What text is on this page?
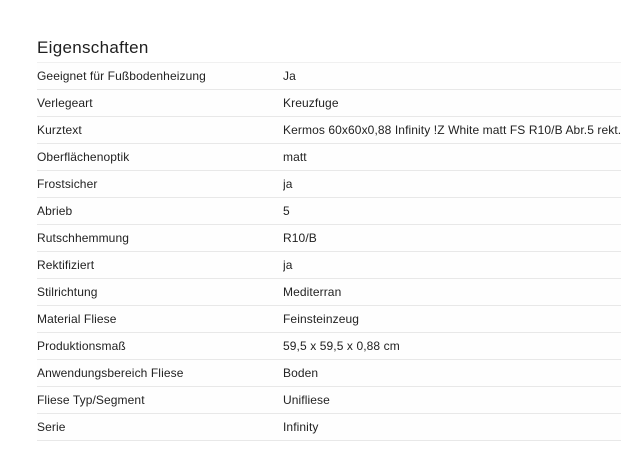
Eigenschaften
Geeignet für Fußbodenheizung	Ja
Verlegeart	Kreuzfuge
Kurztext	Kermos 60x60x0,88 Infinity !Z White matt FS R10/B Abr.5 rekt.
Oberflächenoptik	matt
Frostsicher	ja
Abrieb	5
Rutschhemmung	R10/B
Rektifiziert	ja
Stilrichtung	Mediterran
Material Fliese	Feinsteinzeug
Produktionsmaß	59,5 x 59,5 x 0,88 cm
Anwendungsbereich Fliese	Boden
Fliese Typ/Segment	Unifliese
Serie	Infinity
